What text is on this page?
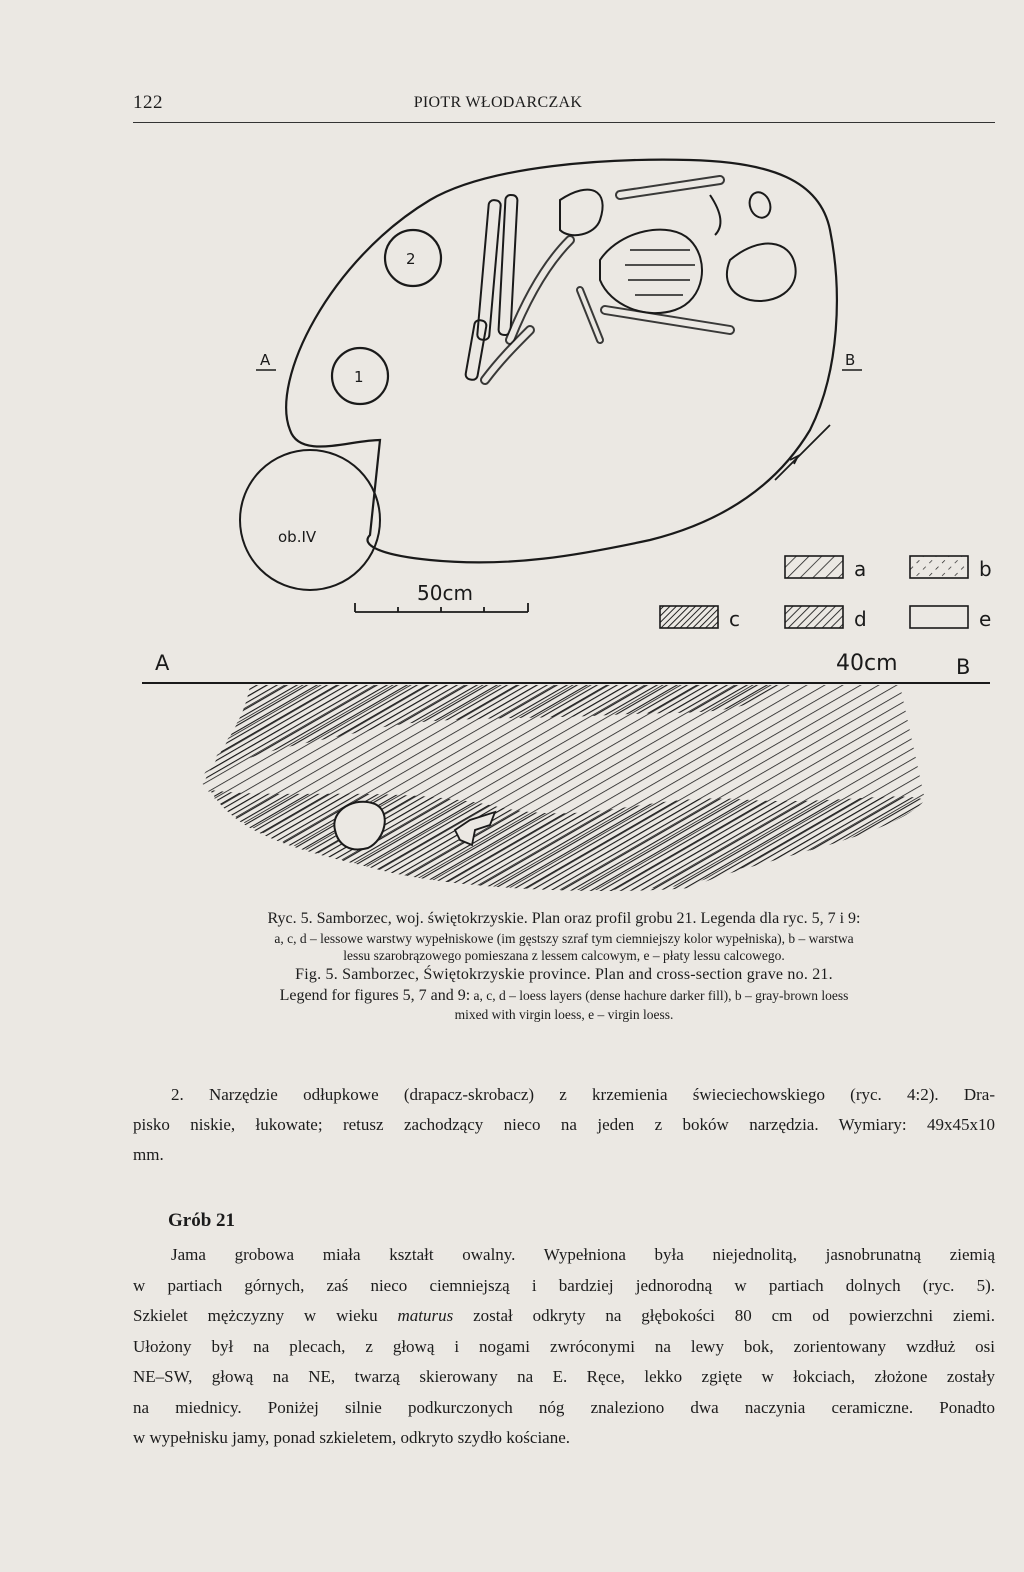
122	PIOTR WŁODARCZAK
ob.IV
2
1
A	B
50cm
a	b
c	d	e
A	40cm	B
Ryc. 5. Samborzec, woj. świętokrzyskie. Plan oraz profil grobu 21. Legenda dla ryc. 5, 7 i 9:
a, c, d – lessowe warstwy wypełniskowe (im gęstszy szraf tym ciemniejszy kolor wypełniska), b – warstwa
lessu szarobrązowego pomieszana z lessem calcowym, e – płaty lessu calcowego.
Fig. 5. Samborzec, Świętokrzyskie province. Plan and cross-section grave no. 21.
Legend for figures 5, 7 and 9: a, c, d – loess layers (dense hachure darker fill), b – gray-brown loess
mixed with virgin loess, e – virgin loess.
2. Narzędzie odłupkowe (drapacz-skrobacz) z krzemienia świeciechowskiego (ryc. 4:2). Dra-
pisko niskie, łukowate; retusz zachodzący nieco na jeden z boków narzędzia. Wymiary: 49x45x10
mm.
Grób 21
Jama grobowa miała kształt owalny. Wypełniona była niejednolitą, jasnobrunatną ziemią
w partiach górnych, zaś nieco ciemniejszą i bardziej jednorodną w partiach dolnych (ryc. 5).
Szkielet mężczyzny w wieku maturus został odkryty na głębokości 80 cm od powierzchni ziemi.
Ułożony był na plecach, z głową i nogami zwróconymi na lewy bok, zorientowany wzdłuż osi
NE–SW, głową na NE, twarzą skierowany na E. Ręce, lekko zgięte w łokciach, złożone zostały
na miednicy. Poniżej silnie podkurczonych nóg znaleziono dwa naczynia ceramiczne. Ponadto
w wypełnisku jamy, ponad szkieletem, odkryto szydło kościane.
